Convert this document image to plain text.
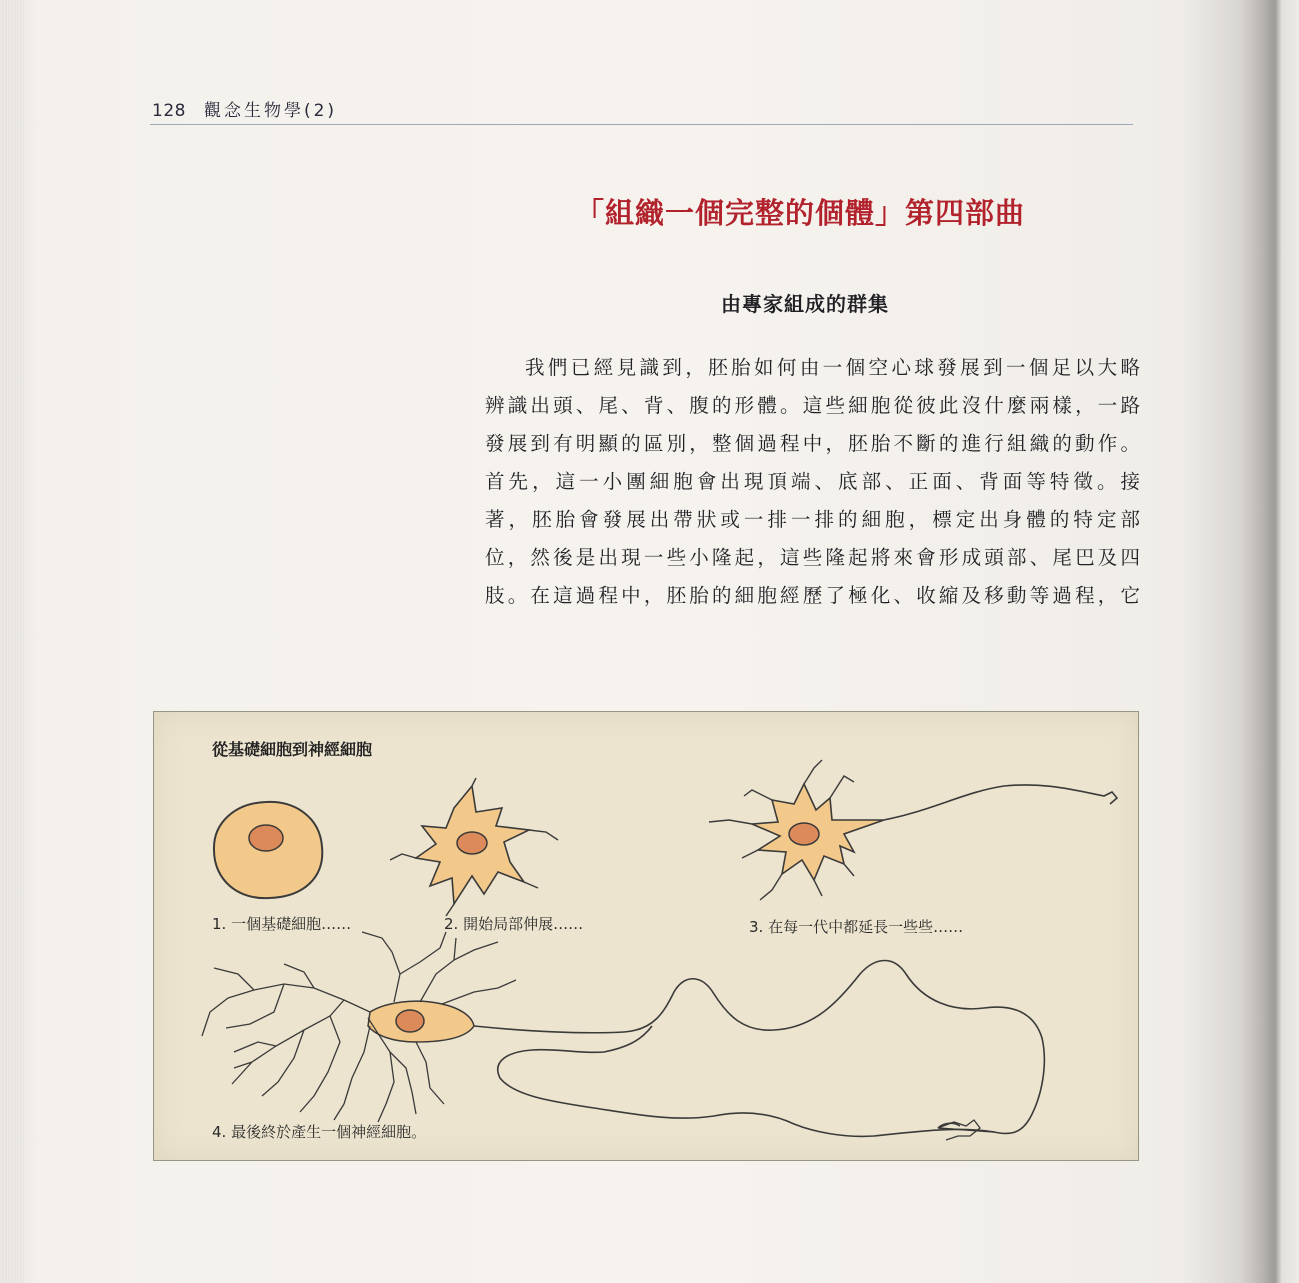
128 觀念生物學(2)
「組織一個完整的個體」第四部曲
由專家組成的群集
我們已經見識到，胚胎如何由一個空心球發展到一個足以大略
辨識出頭、尾、背、腹的形體。這些細胞從彼此沒什麼兩樣，一路
發展到有明顯的區別，整個過程中，胚胎不斷的進行組織的動作。
首先，這一小團細胞會出現頂端、底部、正面、背面等特徵。接
著，胚胎會發展出帶狀或一排一排的細胞，標定出身體的特定部
位，然後是出現一些小隆起，這些隆起將來會形成頭部、尾巴及四
肢。在這過程中，胚胎的細胞經歷了極化、收縮及移動等過程，它
從基礎細胞到神經細胞
1. 一個基礎細胞……	2. 開始局部伸展……	3. 在每一代中都延長一些些……
4. 最後終於產生一個神經細胞。
